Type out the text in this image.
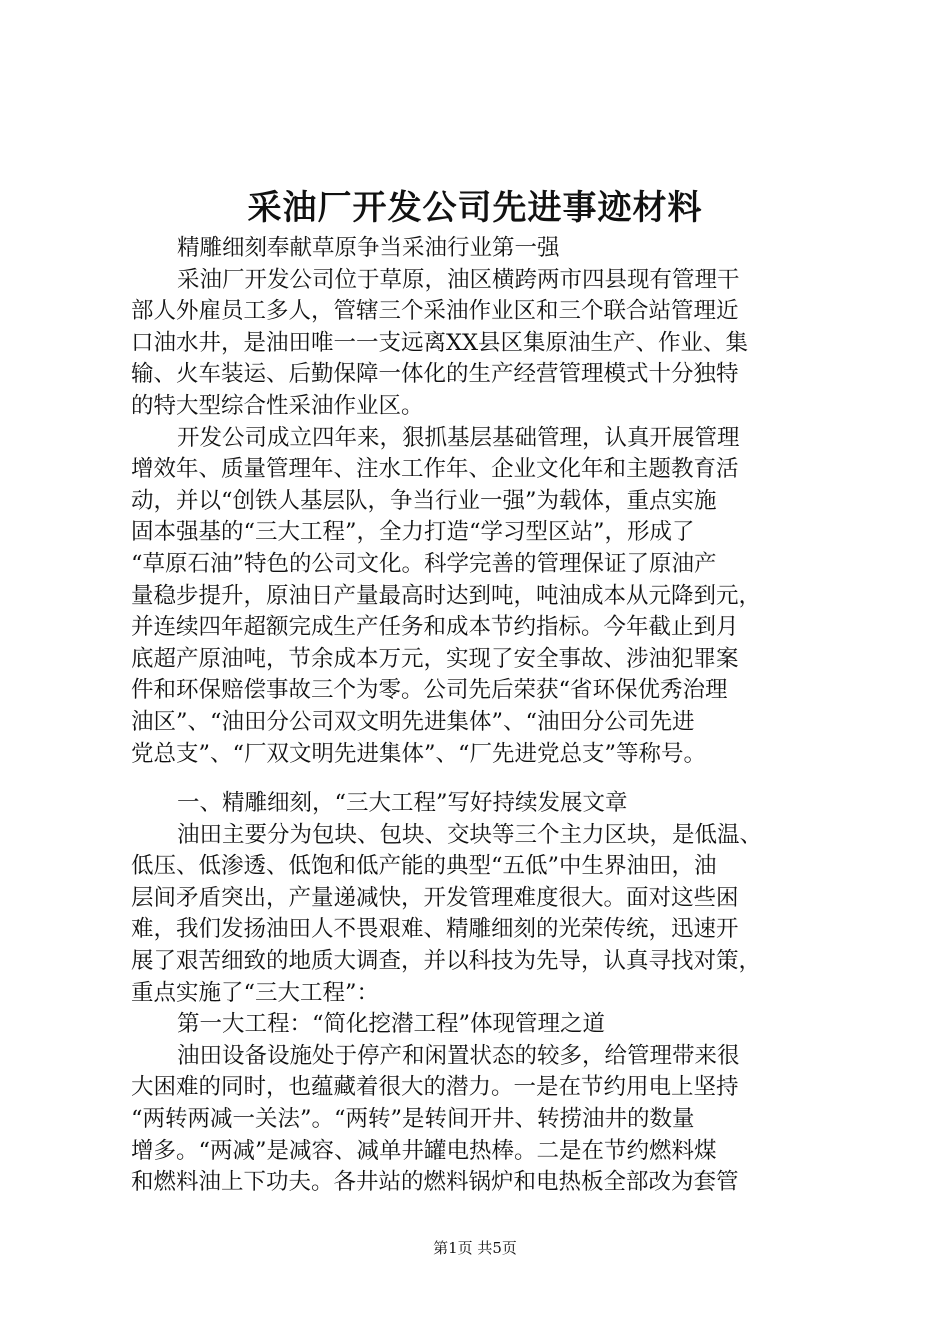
采油厂开发公司先进事迹材料
精雕细刻奉献草原争当采油行业第一强
采油厂开发公司位于草原，油区横跨两市四县现有管理干
部人外雇员工多人，管辖三个采油作业区和三个联合站管理近
口油水井，是油田唯一一支远离XX县区集原油生产、作业、集
输、火车装运、后勤保障一体化的生产经营管理模式十分独特
的特大型综合性采油作业区。
开发公司成立四年来，狠抓基层基础管理，认真开展管理
增效年、质量管理年、注水工作年、企业文化年和主题教育活
动，并以“创铁人基层队，争当行业一强”为载体，重点实施
固本强基的“三大工程”，全力打造“学习型区站”，形成了
“草原石油”特色的公司文化。科学完善的管理保证了原油产
量稳步提升，原油日产量最高时达到吨，吨油成本从元降到元，
并连续四年超额完成生产任务和成本节约指标。今年截止到月
底超产原油吨，节余成本万元，实现了安全事故、涉油犯罪案
件和环保赔偿事故三个为零。公司先后荣获“省环保优秀治理
油区”、“油田分公司双文明先进集体”、“油田分公司先进
党总支”、“厂双文明先进集体”、“厂先进党总支”等称号。
一、精雕细刻，“三大工程”写好持续发展文章
油田主要分为包块、包块、交块等三个主力区块，是低温、
低压、低渗透、低饱和低产能的典型“五低”中生界油田，油
层间矛盾突出，产量递减快，开发管理难度很大。面对这些困
难，我们发扬油田人不畏艰难、精雕细刻的光荣传统，迅速开
展了艰苦细致的地质大调查，并以科技为先导，认真寻找对策，
重点实施了“三大工程”：
第一大工程：“简化挖潜工程”体现管理之道
油田设备设施处于停产和闲置状态的较多，给管理带来很
大困难的同时，也蕴藏着很大的潜力。一是在节约用电上坚持
“两转两减一关法”。“两转”是转间开井、转捞油井的数量
增多。“两减”是减容、减单井罐电热棒。二是在节约燃料煤
和燃料油上下功夫。各井站的燃料锅炉和电热板全部改为套管
第1页 共5页
